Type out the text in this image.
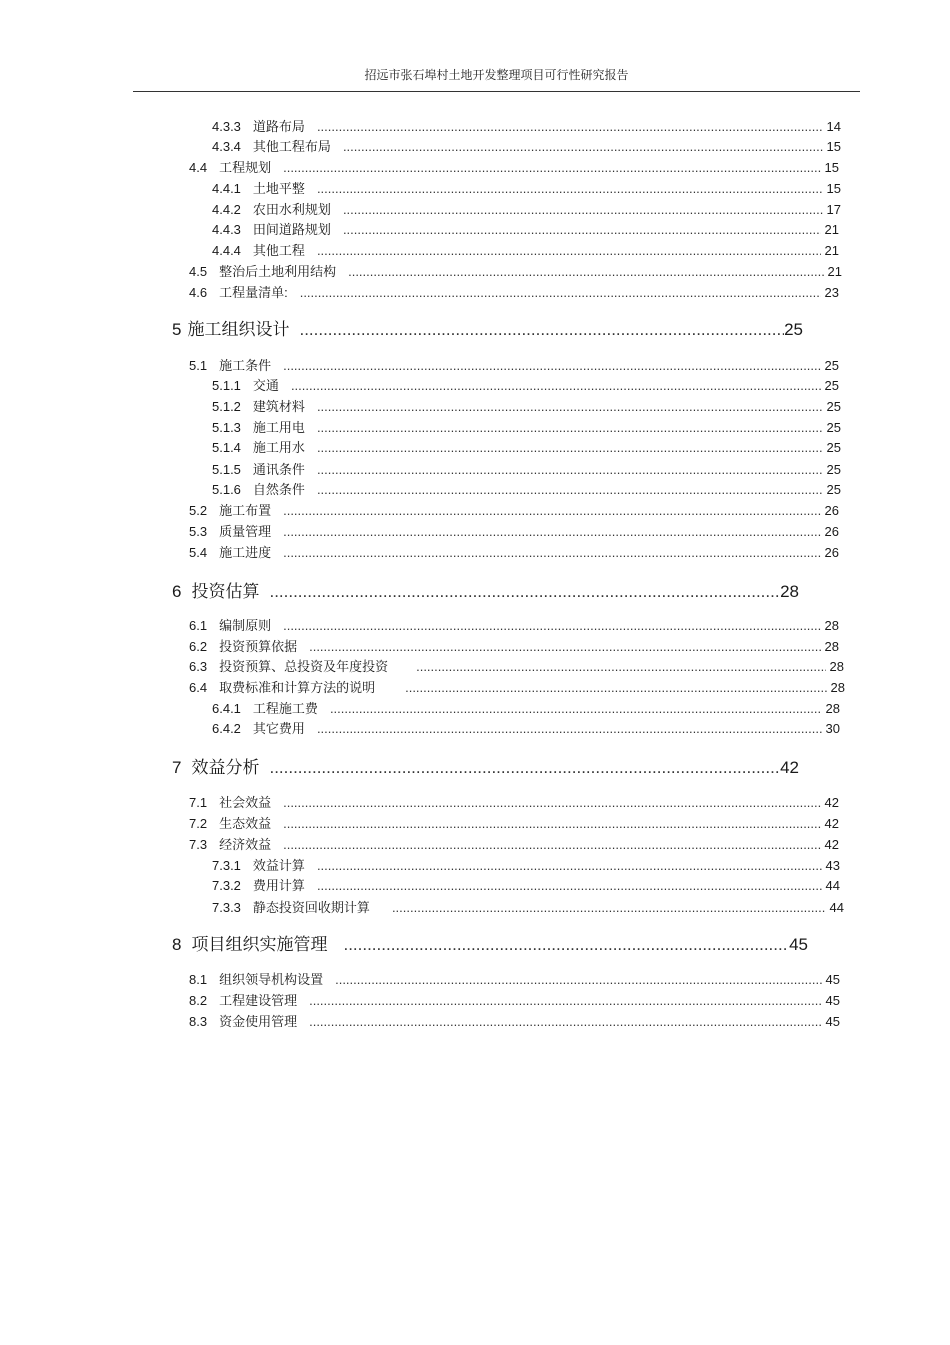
招远市张石埠村土地开发整理项目可行性研究报告
4.3.3 道路布局 .....	14
4.3.4 其他工程布局 .....	15
4.4 工程规划 .....	15
4.4.1 土地平整 .....	15
4.4.2 农田水利规划 .....	17
4.4.3 田间道路规划 .....	21
4.4.4 其他工程 .....	21
4.5 整治后土地利用结构 .....	21
4.6 工程量清单: .....	23
5 施工组织设计 .....	25
5.1 施工条件 .....	25
5.1.1 交通 .....	25
5.1.2 建筑材料 .....	25
5.1.3 施工用电 .....	25
5.1.4 施工用水 .....	25
5.1.5 通讯条件 .....	25
5.1.6 自然条件 .....	25
5.2 施工布置 .....	26
5.3 质量管理 .....	26
5.4 施工进度 .....	26
6 投资估算 .....	28
6.1 编制原则 .....	28
6.2 投资预算依据 .....	28
6.3 投资预算、总投资及年度投资 .....	28
6.4 取费标准和计算方法的说明 .....	28
6.4.1 工程施工费 .....	28
6.4.2 其它费用 .....	30
7 效益分析 .....	42
7.1 社会效益 .....	42
7.2 生态效益 .....	42
7.3 经济效益 .....	42
7.3.1 效益计算 .....	43
7.3.2 费用计算 .....	44
7.3.3 静态投资回收期计算 .....	44
8 项目组织实施管理 .....	45
8.1 组织领导机构设置 .....	45
8.2 工程建设管理 .....	45
8.3 资金使用管理 .....	45
